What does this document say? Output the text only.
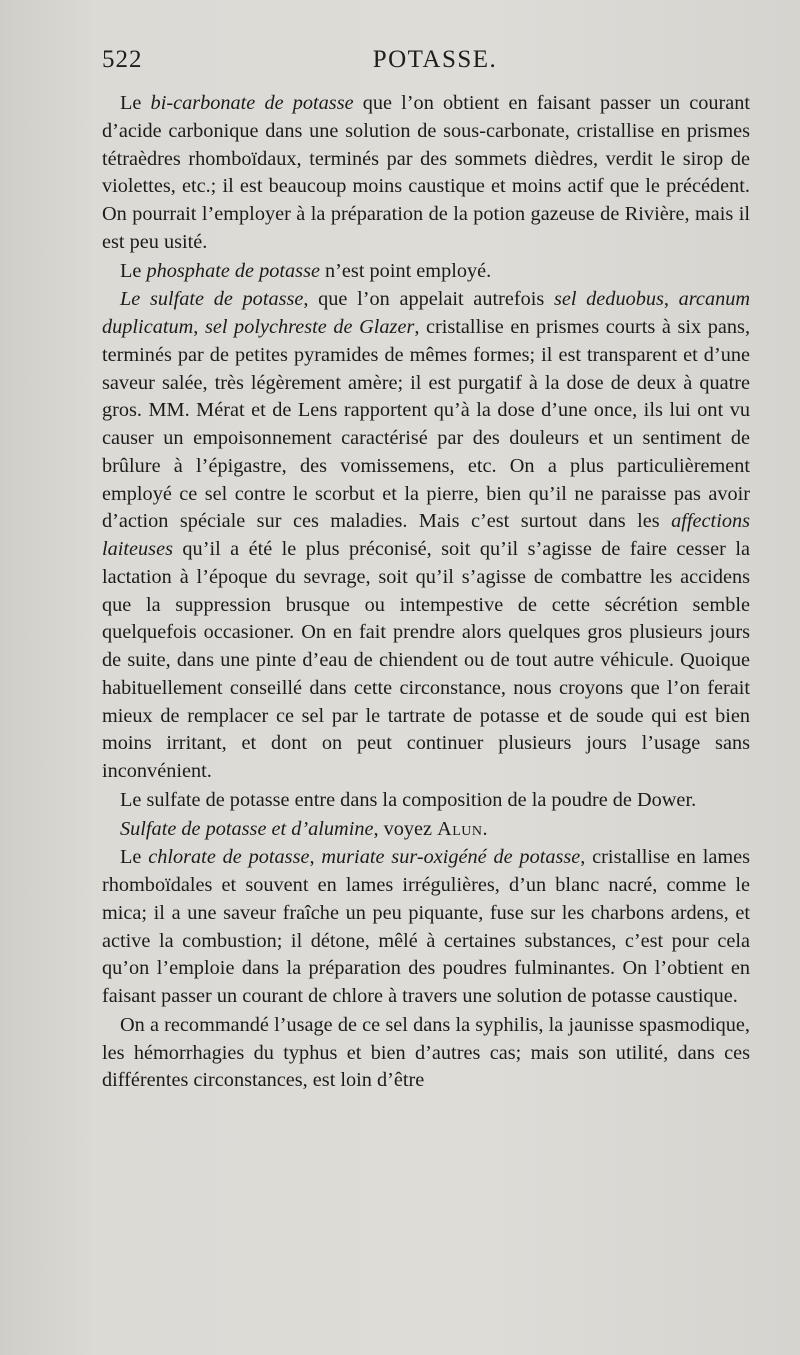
522	POTASSE.

Le bi-carbonate de potasse que l’on obtient en faisant passer un courant d’acide carbonique dans une solution de sous-carbonate, cristallise en prismes tétraèdres rhomboïdaux, terminés par des sommets dièdres, verdit le sirop de violettes, etc.; il est beaucoup moins caustique et moins actif que le précédent. On pourrait l’employer à la préparation de la potion gazeuse de Rivière, mais il est peu usité.

Le phosphate de potasse n’est point employé.

Le sulfate de potasse, que l’on appelait autrefois sel deduobus, arcanum duplicatum, sel polychreste de Glazer, cristallise en prismes courts à six pans, terminés par de petites pyramides de mêmes formes; il est transparent et d’une saveur salée, très légèrement amère; il est purgatif à la dose de deux à quatre gros. MM. Mérat et de Lens rapportent qu’à la dose d’une once, ils lui ont vu causer un empoisonnement caractérisé par des douleurs et un sentiment de brûlure à l’épigastre, des vomissemens, etc. On a plus particulièrement employé ce sel contre le scorbut et la pierre, bien qu’il ne paraisse pas avoir d’action spéciale sur ces maladies. Mais c’est surtout dans les affections laiteuses qu’il a été le plus préconisé, soit qu’il s’agisse de faire cesser la lactation à l’époque du sevrage, soit qu’il s’agisse de combattre les accidens que la suppression brusque ou intempestive de cette sécrétion semble quelquefois occasioner. On en fait prendre alors quelques gros plusieurs jours de suite, dans une pinte d’eau de chiendent ou de tout autre véhicule. Quoique habituellement conseillé dans cette circonstance, nous croyons que l’on ferait mieux de remplacer ce sel par le tartrate de potasse et de soude qui est bien moins irritant, et dont on peut continuer plusieurs jours l’usage sans inconvénient.

Le sulfate de potasse entre dans la composition de la poudre de Dower.

Sulfate de potasse et d’alumine, voyez Alun.

Le chlorate de potasse, muriate sur-oxigéné de potasse, cristallise en lames rhomboïdales et souvent en lames irrégulières, d’un blanc nacré, comme le mica; il a une saveur fraîche un peu piquante, fuse sur les charbons ardens, et active la combustion; il détone, mêlé à certaines substances, c’est pour cela qu’on l’emploie dans la préparation des poudres fulminantes. On l’obtient en faisant passer un courant de chlore à travers une solution de potasse caustique.

On a recommandé l’usage de ce sel dans la syphilis, la jaunisse spasmodique, les hémorrhagies du typhus et bien d’autres cas; mais son utilité, dans ces différentes circonstances, est loin d’être
